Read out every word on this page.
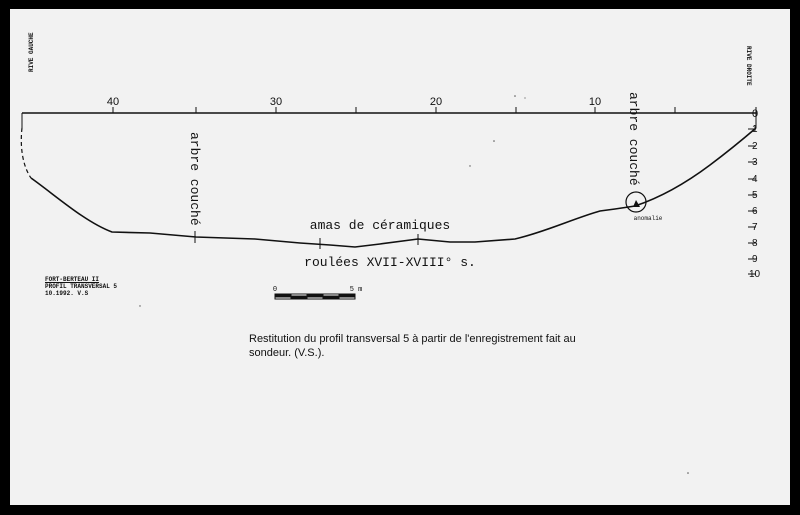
RIVE GAUCHE	RIVE DROITE
40	30	20	10
0
1
2
3
4
5
6
7
8
9
10
anomalie
arbre couché	arbre couché
amas de céramiques
roulées XVII-XVIII° s.
0	5 m
FORT-BERTEAU II
PROFIL TRANSVERSAL 5
10.1992. V.S
Restitution du profil transversal 5 à partir de l'enregistrement fait au sondeur. (V.S.).
